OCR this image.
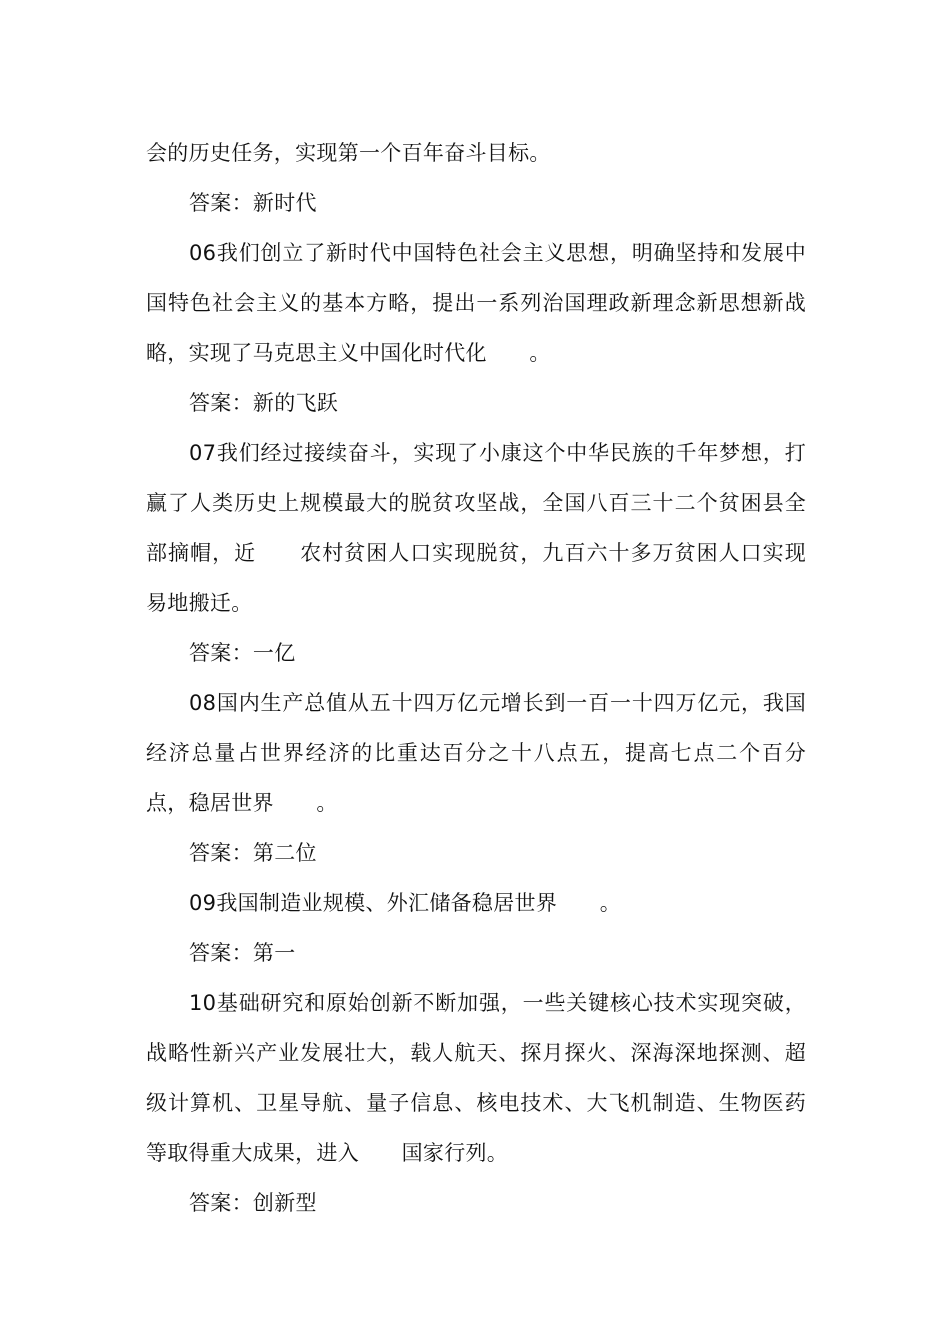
会的历史任务，实现第一个百年奋斗目标。

答案：新时代

06我们创立了新时代中国特色社会主义思想，明确坚持和发展中国特色社会主义的基本方略，提出一系列治国理政新理念新思想新战略，实现了马克思主义中国化时代化　　。

答案：新的飞跃

07我们经过接续奋斗，实现了小康这个中华民族的千年梦想，打赢了人类历史上规模最大的脱贫攻坚战，全国八百三十二个贫困县全部摘帽，近　　农村贫困人口实现脱贫，九百六十多万贫困人口实现易地搬迁。

答案：一亿

08国内生产总值从五十四万亿元增长到一百一十四万亿元，我国经济总量占世界经济的比重达百分之十八点五，提高七点二个百分点，稳居世界　　。

答案：第二位

09我国制造业规模、外汇储备稳居世界　　。

答案：第一

10基础研究和原始创新不断加强，一些关键核心技术实现突破，战略性新兴产业发展壮大，载人航天、探月探火、深海深地探测、超级计算机、卫星导航、量子信息、核电技术、大飞机制造、生物医药等取得重大成果，进入　　国家行列。

答案：创新型
